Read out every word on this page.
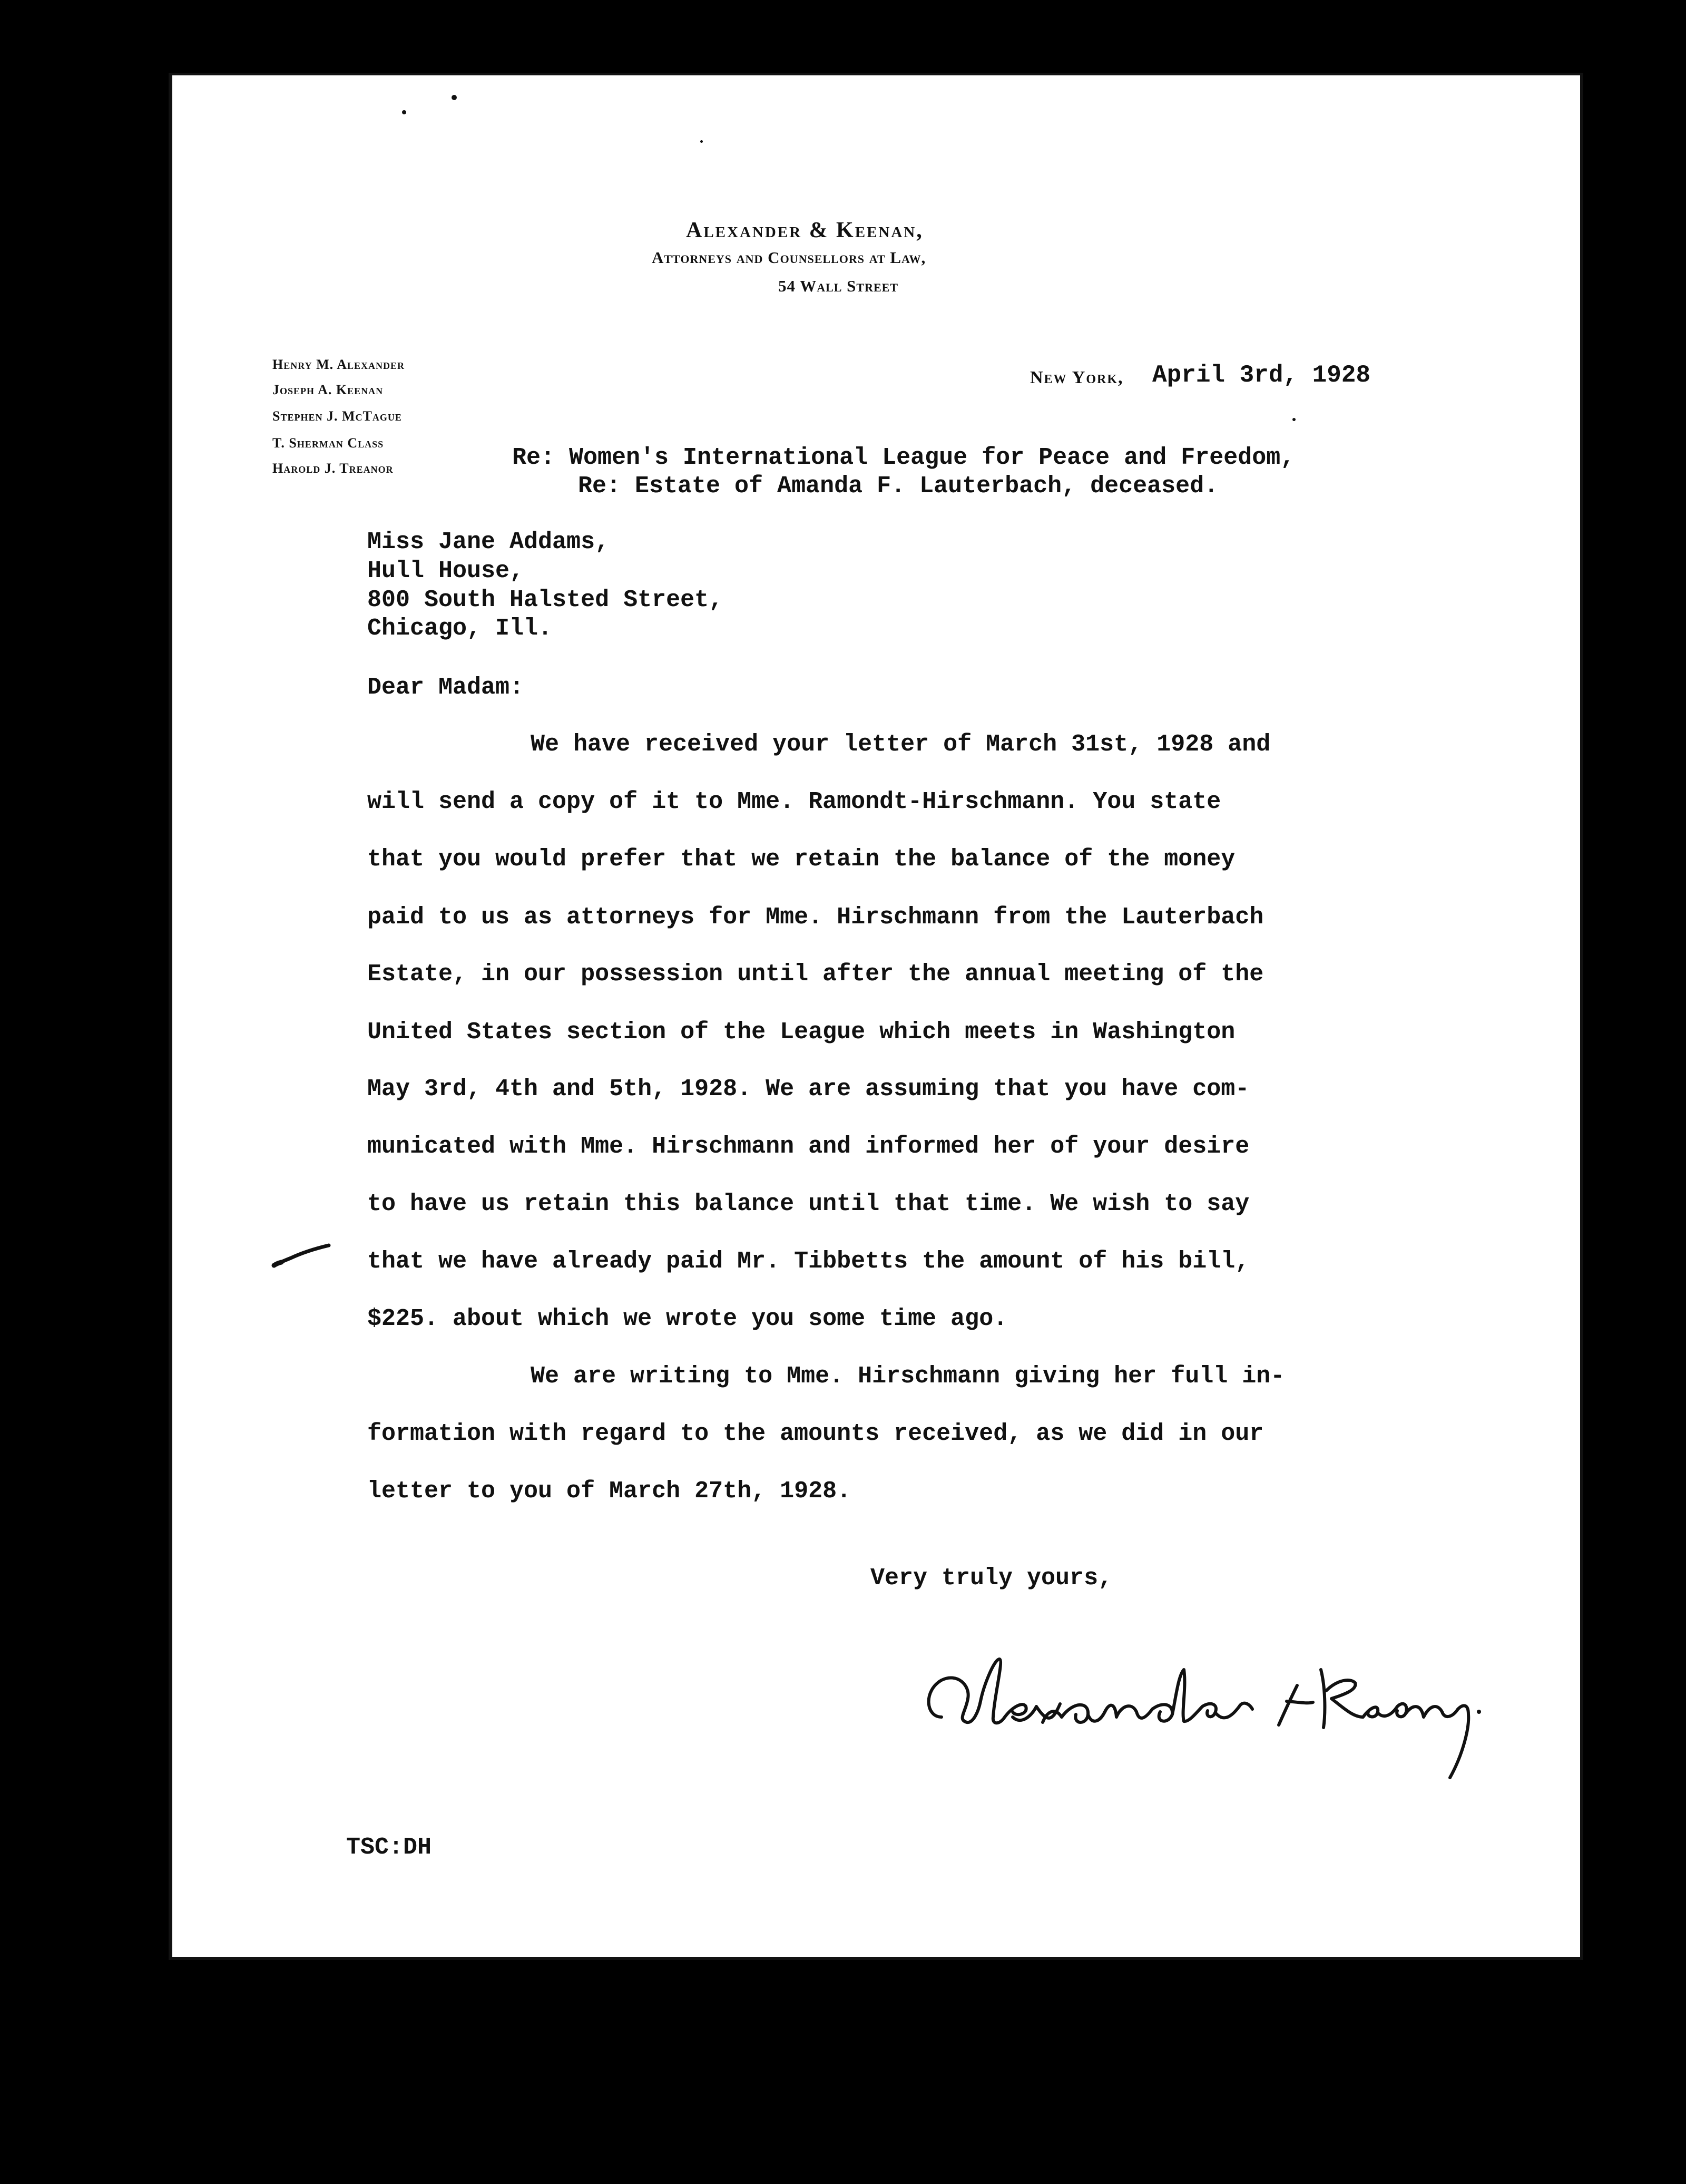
Alexander & Keenan,
Attorneys and Counsellors at Law,
54 Wall Street
Henry M. Alexander
Joseph A. Keenan
Stephen J. McTague
T. Sherman Class
Harold J. Treanor
New York, April 3rd, 1928
Re: Women's International League for Peace and Freedom,
Re: Estate of Amanda F. Lauterbach, deceased.
Miss Jane Addams,
Hull House,
800 South Halsted Street,
Chicago, Ill.
Dear Madam:
We have received your letter of March 31st, 1928 and
will send a copy of it to Mme. Ramondt-Hirschmann. You state
that you would prefer that we retain the balance of the money
paid to us as attorneys for Mme. Hirschmann from the Lauterbach
Estate, in our possession until after the annual meeting of the
United States section of the League which meets in Washington
May 3rd, 4th and 5th, 1928. We are assuming that you have com-
municated with Mme. Hirschmann and informed her of your desire
to have us retain this balance until that time. We wish to say
that we have already paid Mr. Tibbetts the amount of his bill,
$225. about which we wrote you some time ago.
We are writing to Mme. Hirschmann giving her full in-
formation with regard to the amounts received, as we did in our
letter to you of March 27th, 1928.
Very truly yours,
TSC:DH
